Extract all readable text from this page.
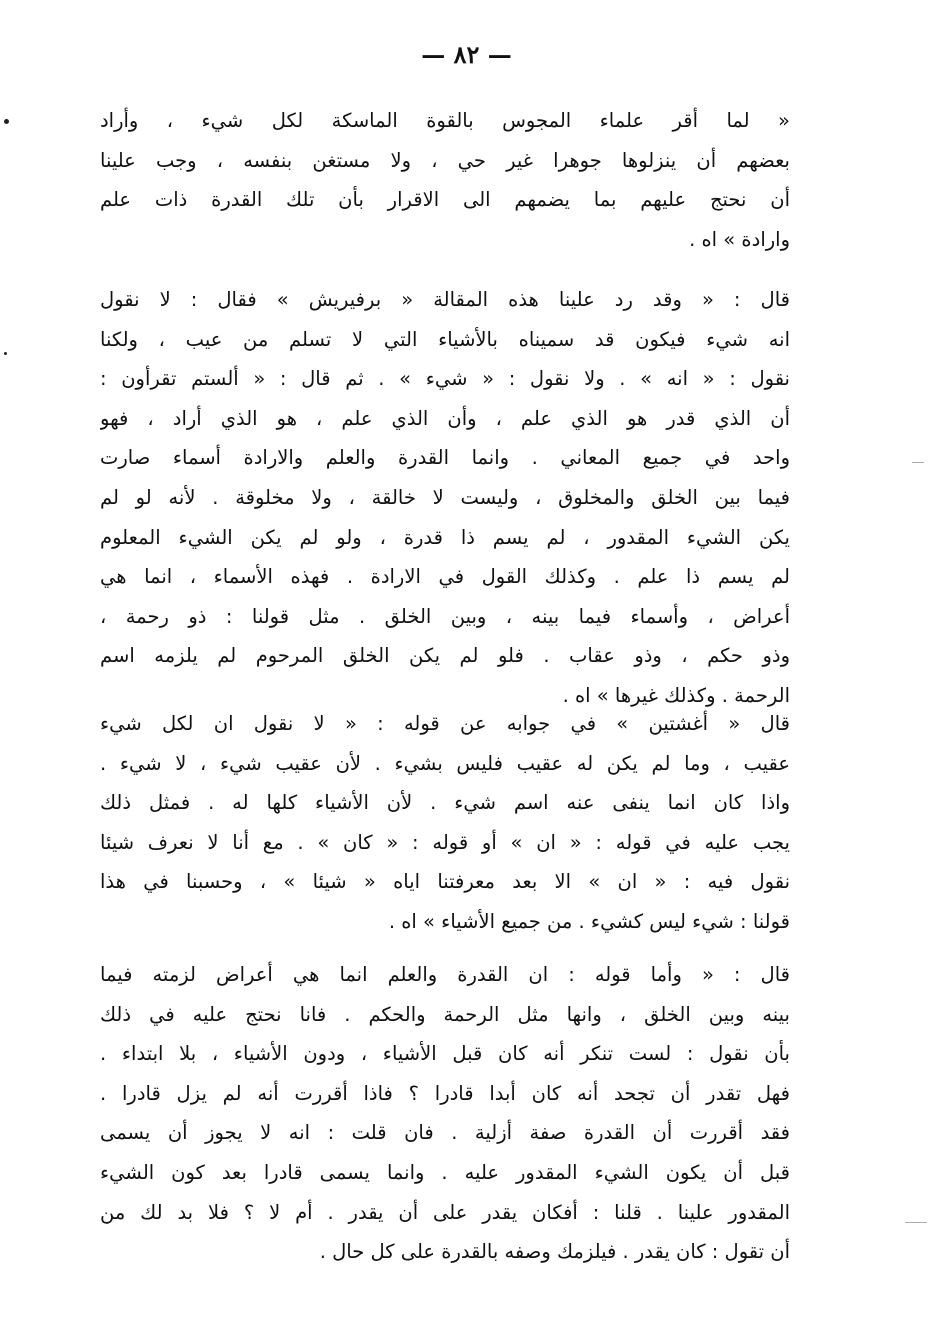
— ٨٢ —
« لما أقر علماء المجوس بالقوة الماسكة لكل شيء ، وأراد
بعضهم أن ينزلوها جوهرا غير حي ، ولا مستغن بنفسه ، وجب علينا
أن نحتج عليهم بما يضمهم الى الاقرار بأن تلك القدرة ذات علم
وارادة » اه .
قال : « وقد رد علينا هذه المقالة « برفيريش » فقال : لا نقول
انه شيء فيكون قد سميناه بالأشياء التي لا تسلم من عيب ، ولكنا
نقول : « انه » . ولا نقول : « شيء » . ثم قال : « ألستم تقرأون :
أن الذي قدر هو الذي علم ، وأن الذي علم ، هو الذي أراد ، فهو
واحد في جميع المعاني . وانما القدرة والعلم والارادة أسماء صارت
فيما بين الخلق والمخلوق ، وليست لا خالقة ، ولا مخلوقة . لأنه لو لم
يكن الشيء المقدور ، لم يسم ذا قدرة ، ولو لم يكن الشيء المعلوم
لم يسم ذا علم . وكذلك القول في الارادة . فهذه الأسماء ، انما هي
أعراض ، وأسماء فيما بينه ، وبين الخلق . مثل قولنا : ذو رحمة ،
وذو حكم ، وذو عقاب . فلو لم يكن الخلق المرحوم لم يلزمه اسم
الرحمة . وكذلك غيرها » اه .
قال « أغشتين » في جوابه عن قوله : « لا نقول ان لكل شيء
عقيب ، وما لم يكن له عقيب فليس بشيء . لأن عقيب شيء ، لا شيء .
واذا كان انما ينفى عنه اسم شيء . لأن الأشياء كلها له . فمثل ذلك
يجب عليه في قوله : « ان » أو قوله : « كان » . مع أنا لا نعرف شيئا
نقول فيه : « ان » الا بعد معرفتنا اياه « شيئا » ، وحسبنا في هذا
قولنا : شيء ليس كشيء . من جميع الأشياء » اه .
قال : « وأما قوله : ان القدرة والعلم انما هي أعراض لزمته فيما
بينه وبين الخلق ، وانها مثل الرحمة والحكم . فانا نحتج عليه في ذلك
بأن نقول : لست تنكر أنه كان قبل الأشياء ، ودون الأشياء ، بلا ابتداء .
فهل تقدر أن تجحد أنه كان أبدا قادرا ؟ فاذا أقررت أنه لم يزل قادرا .
فقد أقررت أن القدرة صفة أزلية . فان قلت : انه لا يجوز أن يسمى
قبل أن يكون الشيء المقدور عليه . وانما يسمى قادرا بعد كون الشيء
المقدور علينا . قلنا : أفكان يقدر على أن يقدر . أم لا ؟ فلا بد لك من
أن تقول : كان يقدر . فيلزمك وصفه بالقدرة على كل حال .
